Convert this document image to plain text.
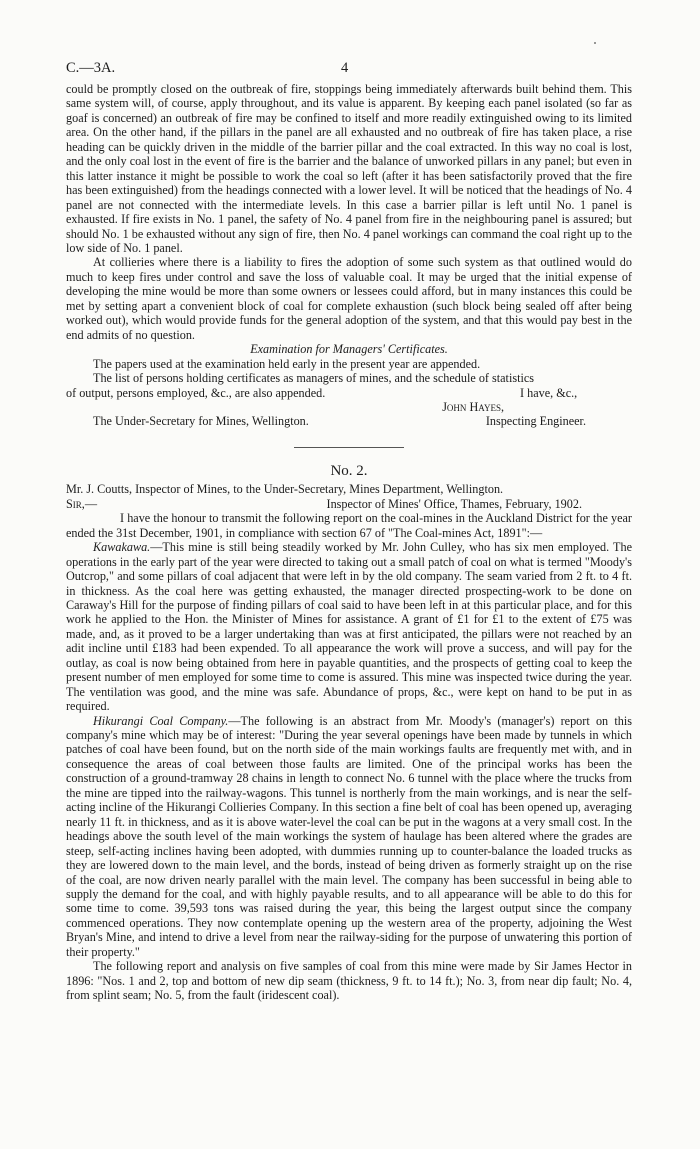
C.—3A.	4

could be promptly closed on the outbreak of fire, stoppings being immediately afterwards built behind them. This same system will, of course, apply throughout, and its value is apparent. By keeping each panel isolated (so far as goaf is concerned) an outbreak of fire may be confined to itself and more readily extinguished owing to its limited area. On the other hand, if the pillars in the panel are all exhausted and no outbreak of fire has taken place, a rise heading can be quickly driven in the middle of the barrier pillar and the coal extracted. In this way no coal is lost, and the only coal lost in the event of fire is the barrier and the balance of unworked pillars in any panel; but even in this latter instance it might be possible to work the coal so left (after it has been satisfactorily proved that the fire has been extinguished) from the headings connected with a lower level. It will be noticed that the headings of No. 4 panel are not connected with the intermediate levels. In this case a barrier pillar is left until No. 1 panel is exhausted. If fire exists in No. 1 panel, the safety of No. 4 panel from fire in the neighbouring panel is assured; but should No. 1 be exhausted without any sign of fire, then No. 4 panel workings can command the coal right up to the low side of No. 1 panel.

At collieries where there is a liability to fires the adoption of some such system as that outlined would do much to keep fires under control and save the loss of valuable coal. It may be urged that the initial expense of developing the mine would be more than some owners or lessees could afford, but in many instances this could be met by setting apart a convenient block of coal for complete exhaustion (such block being sealed off after being worked out), which would provide funds for the general adoption of the system, and that this would pay best in the end admits of no question.

Examination for Managers' Certificates.

The papers used at the examination held early in the present year are appended.

The list of persons holding certificates as managers of mines, and the schedule of statistics

of output, persons employed, &c., are also appended.	I have, &c.,
John Hayes,
The Under-Secretary for Mines, Wellington.	Inspecting Engineer.
No. 2.

Mr. J. Coutts, Inspector of Mines, to the Under-Secretary, Mines Department, Wellington.

Sir,—	Inspector of Mines' Office, Thames, February, 1902.

I have the honour to transmit the following report on the coal-mines in the Auckland District for the year ended the 31st December, 1901, in compliance with section 67 of "The Coal-mines Act, 1891":—

Kawakawa.—This mine is still being steadily worked by Mr. John Culley, who has six men employed. The operations in the early part of the year were directed to taking out a small patch of coal on what is termed "Moody's Outcrop," and some pillars of coal adjacent that were left in by the old company. The seam varied from 2 ft. to 4 ft. in thickness. As the coal here was getting exhausted, the manager directed prospecting-work to be done on Caraway's Hill for the purpose of finding pillars of coal said to have been left in at this particular place, and for this work he applied to the Hon. the Minister of Mines for assistance. A grant of £1 for £1 to the extent of £75 was made, and, as it proved to be a larger undertaking than was at first anticipated, the pillars were not reached by an adit incline until £183 had been expended. To all appearance the work will prove a success, and will pay for the outlay, as coal is now being obtained from here in payable quantities, and the prospects of getting coal to keep the present number of men employed for some time to come is assured. This mine was inspected twice during the year. The ventilation was good, and the mine was safe. Abundance of props, &c., were kept on hand to be put in as required.

Hikurangi Coal Company.—The following is an abstract from Mr. Moody's (manager's) report on this company's mine which may be of interest: "During the year several openings have been made by tunnels in which patches of coal have been found, but on the north side of the main workings faults are frequently met with, and in consequence the areas of coal between those faults are limited. One of the principal works has been the construction of a ground-tramway 28 chains in length to connect No. 6 tunnel with the place where the trucks from the mine are tipped into the railway-wagons. This tunnel is northerly from the main workings, and is near the self-acting incline of the Hikurangi Collieries Company. In this section a fine belt of coal has been opened up, averaging nearly 11 ft. in thickness, and as it is above water-level the coal can be put in the wagons at a very small cost. In the headings above the south level of the main workings the system of haulage has been altered where the grades are steep, self-acting inclines having been adopted, with dummies running up to counter-balance the loaded trucks as they are lowered down to the main level, and the bords, instead of being driven as formerly straight up on the rise of the coal, are now driven nearly parallel with the main level. The company has been successful in being able to supply the demand for the coal, and with highly payable results, and to all appearance will be able to do this for some time to come. 39,593 tons was raised during the year, this being the largest output since the company commenced operations. They now contemplate opening up the western area of the property, adjoining the West Bryan's Mine, and intend to drive a level from near the railway-siding for the purpose of unwatering this portion of their property."

The following report and analysis on five samples of coal from this mine were made by Sir James Hector in 1896: "Nos. 1 and 2, top and bottom of new dip seam (thickness, 9 ft. to 14 ft.); No. 3, from near dip fault; No. 4, from splint seam; No. 5, from the fault (iridescent coal).
